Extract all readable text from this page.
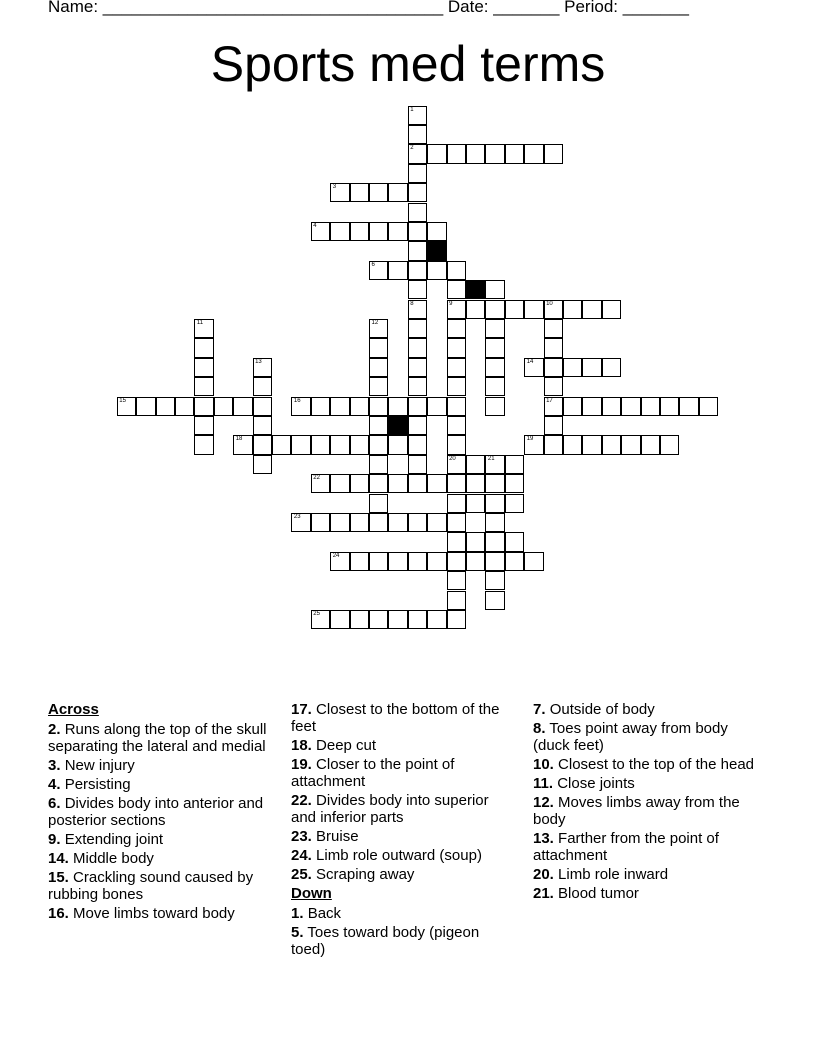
Name: ____________________________________ Date: _______ Period: _______
Sports med terms
1
2
8
3
4
6
9	10
20
11	12
13
17
14
15	16
18	19
21
22
23
24
25
Across
2. Runs along the top of the skull separating the lateral and medial
3. New injury
4. Persisting
6. Divides body into anterior and posterior sections
9. Extending joint
14. Middle body
15. Crackling sound caused by rubbing bones
16. Move limbs toward body
17. Closest to the bottom of the feet
18. Deep cut
19. Closer to the point of attachment
22. Divides body into superior and inferior parts
23. Bruise
24. Limb role outward (soup)
25. Scraping away
Down
1. Back
5. Toes toward body (pigeon toed)
7. Outside of body
8. Toes point away from body (duck feet)
10. Closest to the top of the head
11. Close joints
12. Moves limbs away from the body
13. Farther from the point of attachment
20. Limb role inward
21. Blood tumor
